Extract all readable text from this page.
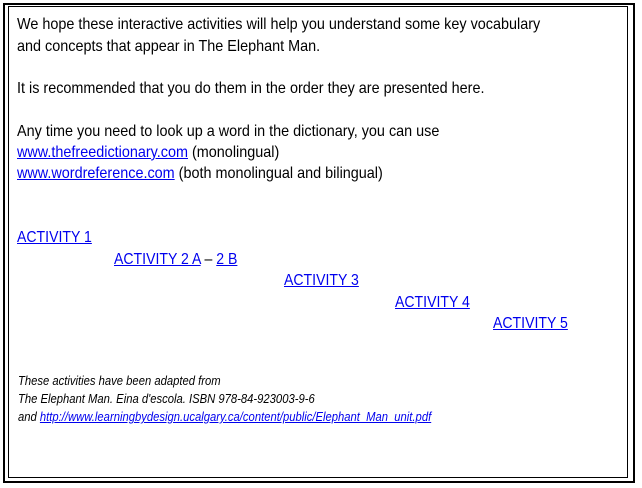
We hope these interactive activities will help you understand some key vocabulary
and concepts that appear in The Elephant Man.
It is recommended that you do them in the order they are presented here.
Any time you need to look up a word in the dictionary, you can use
www.thefreedictionary.com (monolingual)
www.wordreference.com (both monolingual and bilingual)
ACTIVITY 1
ACTIVITY 2 A – 2 B
ACTIVITY 3
ACTIVITY 4
ACTIVITY 5
These activities have been adapted from
The Elephant Man. Eina d'escola. ISBN 978-84-923003-9-6
and http://www.learningbydesign.ucalgary.ca/content/public/Elephant_Man_unit.pdf
